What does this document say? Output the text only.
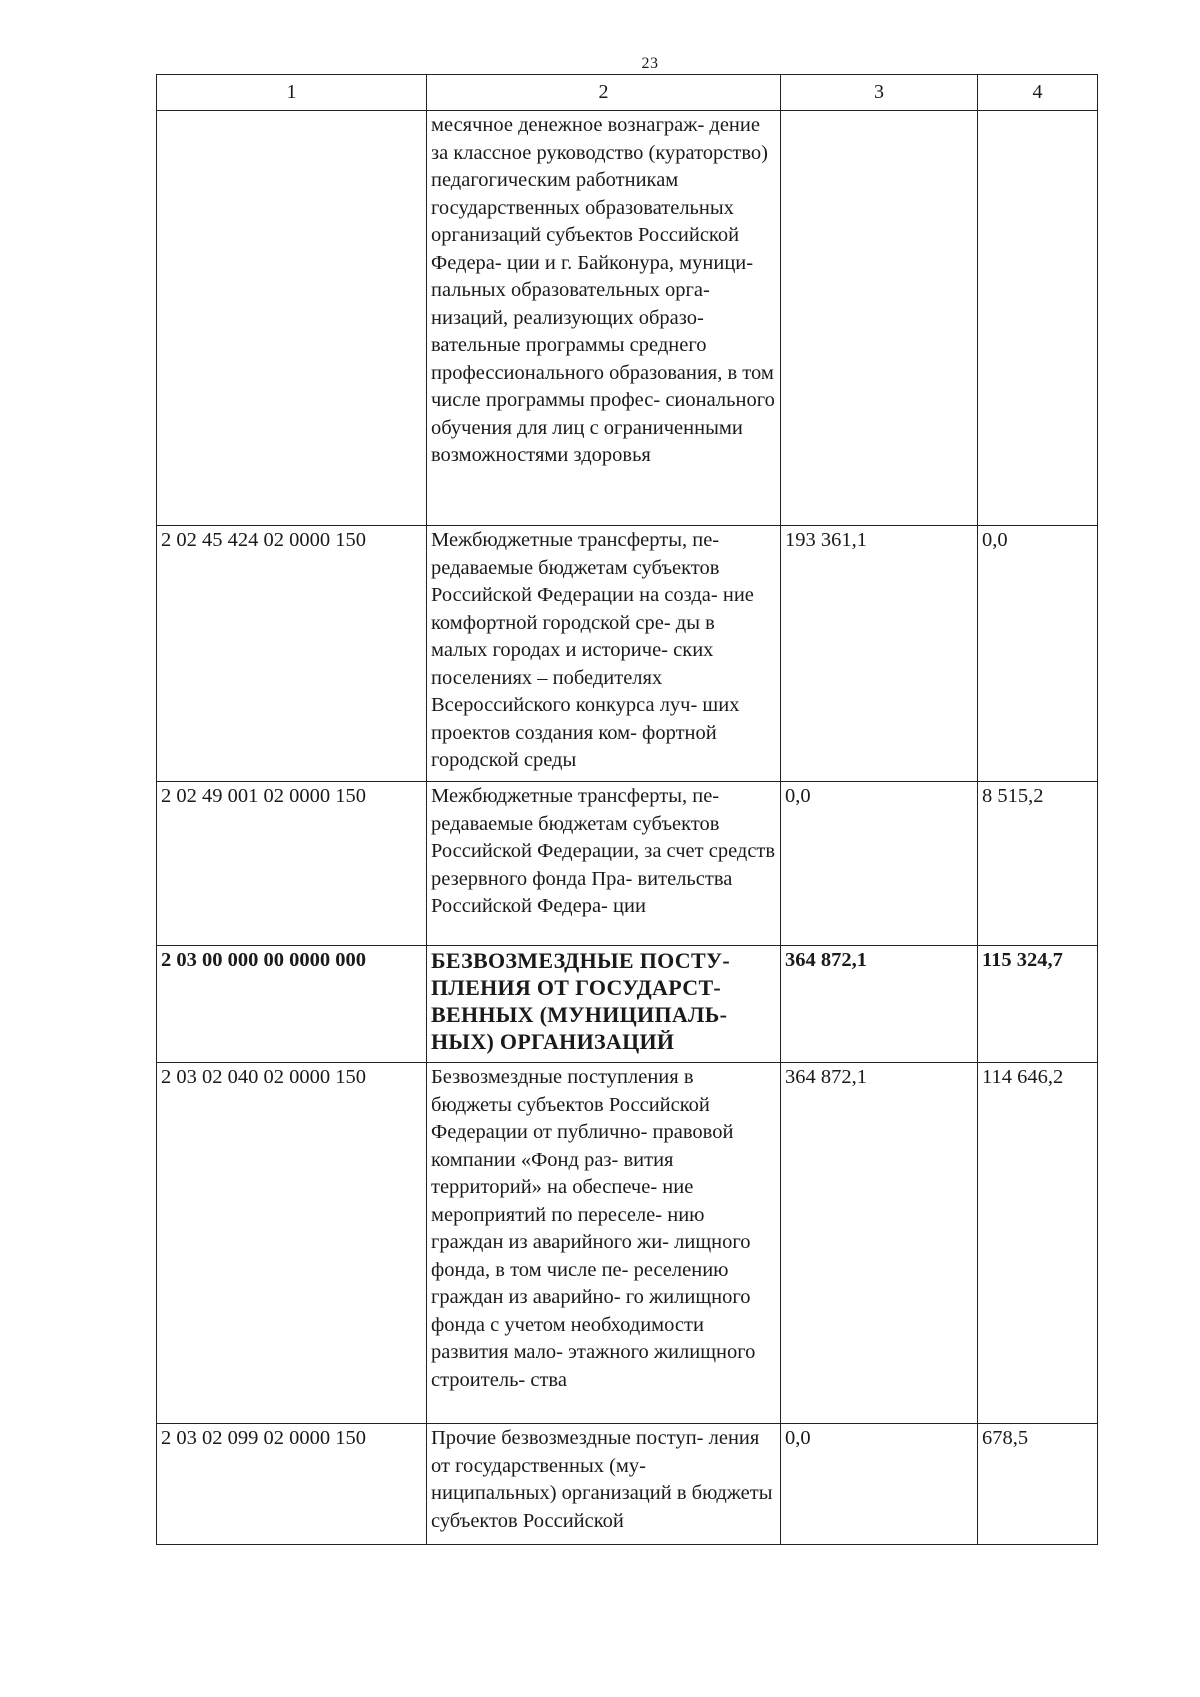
23
1	2	3	4
	месячное денежное вознаграж- дение за классное руководство (кураторство) педагогическим работникам государственных образовательных организаций субъектов Российской Федера- ции и г. Байконура, муници- пальных образовательных орга- низаций, реализующих образо- вательные программы среднего профессионального образования, в том числе программы профес- сионального обучения для лиц с ограниченными возможностями здоровья		
2 02 45 424 02 0000 150	Межбюджетные трансферты, пе- редаваемые бюджетам субъектов Российской Федерации на созда- ние комфортной городской сре- ды в малых городах и историче- ских поселениях – победителях Всероссийского конкурса луч- ших проектов создания ком- фортной городской среды	193 361,1	0,0
2 02 49 001 02 0000 150	Межбюджетные трансферты, пе- редаваемые бюджетам субъектов Российской Федерации, за счет средств резервного фонда Пра- вительства Российской Федера- ции	0,0	8 515,2
2 03 00 000 00 0000 000	БЕЗВОЗМЕЗДНЫЕ ПОСТУ- ПЛЕНИЯ ОТ ГОСУДАРСТ- ВЕННЫХ (МУНИЦИПАЛЬ- НЫХ) ОРГАНИЗАЦИЙ	364 872,1	115 324,7
2 03 02 040 02 0000 150	Безвозмездные поступления в бюджеты субъектов Российской Федерации от публично- правовой компании «Фонд раз- вития территорий» на обеспече- ние мероприятий по переселе- нию граждан из аварийного жи- лищного фонда, в том числе пе- реселению граждан из аварийно- го жилищного фонда с учетом необходимости развития мало- этажного жилищного строитель- ства	364 872,1	114 646,2
2 03 02 099 02 0000 150	Прочие безвозмездные поступ- ления от государственных (му- ниципальных) организаций в бюджеты субъектов Российской	0,0	678,5
